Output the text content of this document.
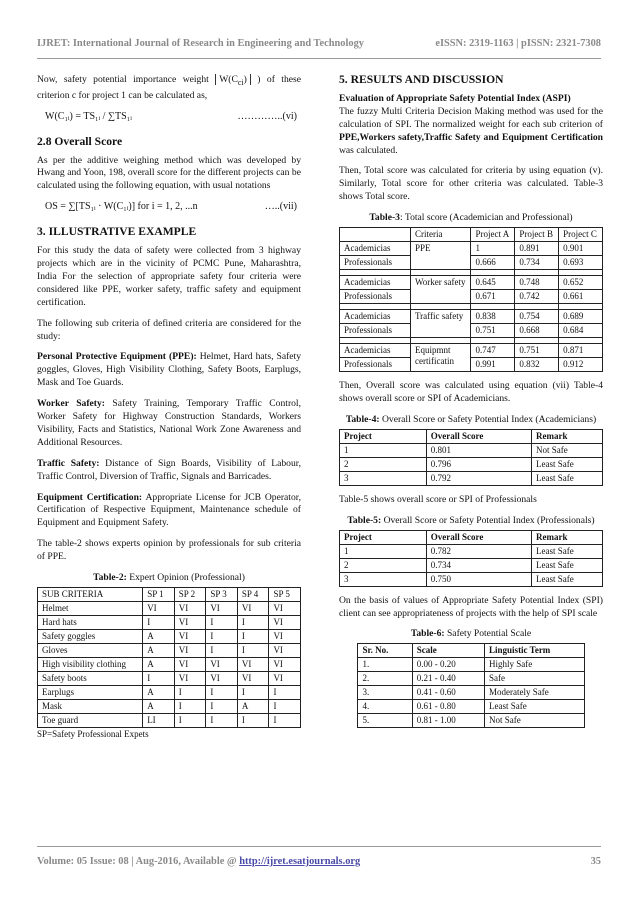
IJRET: International Journal of Research in Engineering and Technology	eISSN: 2319-1163 | pISSN: 2321-7308

Now, safety potential importance weight $W(C_{ci})$ ) of these criterion c for project 1 can be calculated as,

W(C₁ᵢ) = TS₁ᵢ / ∑TS₁ᵢ	…………..(vi)
2.8 Overall Score

As per the additive weighing method which was developed by Hwang and Yoon, 198, overall score for the different projects can be calculated using the following equation, with usual notations

OS = ∑[TS₁ᵢ · W(C₁ᵢ)] for i = 1, 2, ...n	…..(vii)
3. ILLUSTRATIVE EXAMPLE

For this study the data of safety were collected from 3 highway projects which are in the vicinity of PCMC Pune, Maharashtra, India For the selection of appropriate safety four criteria were considered like PPE, worker safety, traffic safety and equipment certification.

The following sub criteria of defined criteria are considered for the study:

Personal Protective Equipment (PPE): Helmet, Hard hats, Safety goggles, Gloves, High Visibility Clothing, Safety Boots, Earplugs, Mask and Toe Guards.

Worker Safety: Safety Training, Temporary Traffic Control, Worker Safety for Highway Construction Standards, Workers Visibility, Facts and Statistics, National Work Zone Awareness and Additional Resources.

Traffic Safety: Distance of Sign Boards, Visibility of Labour, Traffic Control, Diversion of Traffic, Signals and Barricades.

Equipment Certification: Appropriate License for JCB Operator, Certification of Respective Equipment, Maintenance schedule of Equipment and Equipment Safety.

The table-2 shows experts opinion by professionals for sub criteria of PPE.

Table-2: Expert Opinion (Professional)
SUB CRITERIA	SP 1	SP 2	SP 3	SP 4	SP 5
Helmet	VI	VI	VI	VI	VI
Hard hats	I	VI	I	I	VI
Safety goggles	A	VI	I	I	VI
Gloves	A	VI	I	I	VI
High visibility clothing	A	VI	VI	VI	VI
Safety boots	I	VI	VI	VI	VI
Earplugs	A	I	I	I	I
Mask	A	I	I	A	I
Toe guard	LI	I	I	I	I
SP=Safety Professional Expets
5. RESULTS AND DISCUSSION

Evaluation of Appropriate Safety Potential Index (ASPI)
The fuzzy Multi Criteria Decision Making method was used for the calculation of SPI. The normalized weight for each sub criterion of PPE,Workers safety,Traffic Safety and Equipment Certification was calculated.

Then, Total score was calculated for criteria by using equation (v). Similarly, Total score for other criteria was calculated. Table-3 shows Total score.

Table-3: Total score (Academician and Professional)
	Criteria	Project A	Project B	Project C
Academicias	PPE	1	0.891	0.901
Professionals		0.666	0.734	0.693

Academicias	Worker safety	0.645	0.748	0.652
Professionals		0.671	0.742	0.661

Academicias	Traffic safety	0.838	0.754	0.689
Professionals		0.751	0.668	0.684

Academicias	Equipmnt certificatin	0.747	0.751	0.871
Professionals		0.991	0.832	0.912

Then, Overall score was calculated using equation (vii) Table-4 shows overall score or SPI of Academicians.

Table-4: Overall Score or Safety Potential Index (Academicians)
Project	Overall Score	Remark
1	0.801	Not Safe
2	0.796	Least Safe
3	0.792	Least Safe

Table-5 shows overall score or SPI of Professionals

Table-5: Overall Score or Safety Potential Index (Professionals)
Project	Overall Score	Remark
1	0.782	Least Safe
2	0.734	Least Safe
3	0.750	Least Safe

On the basis of values of Appropriate Safety Potential Index (SPI) client can see appropriateness of projects with the help of SPI scale

Table-6: Safety Potential Scale
Sr. No.	Scale	Linguistic Term
1.	0.00 - 0.20	Highly Safe
2.	0.21 - 0.40	Safe
3.	0.41 - 0.60	Moderately Safe
4.	0.61 - 0.80	Least Safe
5.	0.81 - 1.00	Not Safe
Volume: 05 Issue: 08 | Aug-2016, Available @ http://ijret.esatjournals.org	35
